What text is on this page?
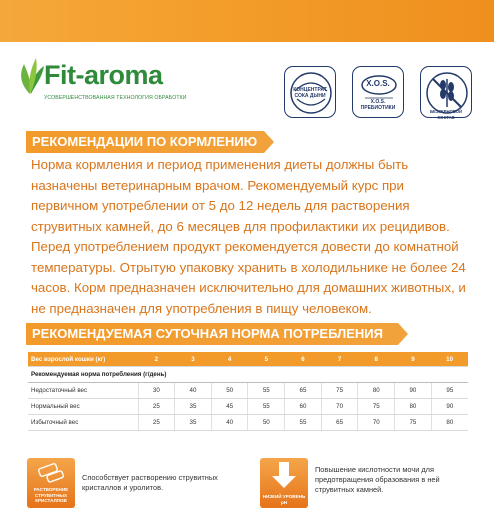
Fit-aroma
УСОВЕРШЕНСТВОВАННАЯ ТЕХНОЛОГИЯ ОБРАБОТКИ
КОНЦЕНТРАТ СОКА ДЫНИ
X.O.S.
X.O.S.
ПРЕБИОТИКИ
БЕЗЗЕРНОВОЙ СОСТАВ
РЕКОМЕНДАЦИИ ПО КОРМЛЕНИЮ
Норма кормления и период применения диеты должны быть назначены ветеринарным врачом. Рекомендуемый курс при первичном употреблении от 5 до 12 недель для растворения струвитных камней, до 6 месяцев для профилактики их рецидивов. Перед употреблением продукт рекомендуется довести до комнатной температуры. Отрытую упаковку хранить в холодильнике не более 24 часов. Корм предназначен исключительно для домашних животных, и не предназначен для употребления в пищу человеком.
РЕКОМЕНДУЕМАЯ СУТОЧНАЯ НОРМА ПОТРЕБЛЕНИЯ
Вес взрослой кошки (кг)	2	3	4	5	6	7	8	9	10
Рекомендуемая норма потребления (г/день)									
Недостаточный вес	30	40	50	55	65	75	80	90	95
Нормальный вес	25	35	45	55	60	70	75	80	90
Избыточный вес	25	35	40	50	55	65	70	75	80
РАСТВОРЕНИЕ СТРУВИТНЫХ КРИСТАЛЛОВ
Способствует растворению струвитных кристаллов и уролитов.
НИЗКИЙ УРОВЕНЬ pH
Повышение кислотности мочи для предотвращения образования в ней струвитных камней.
